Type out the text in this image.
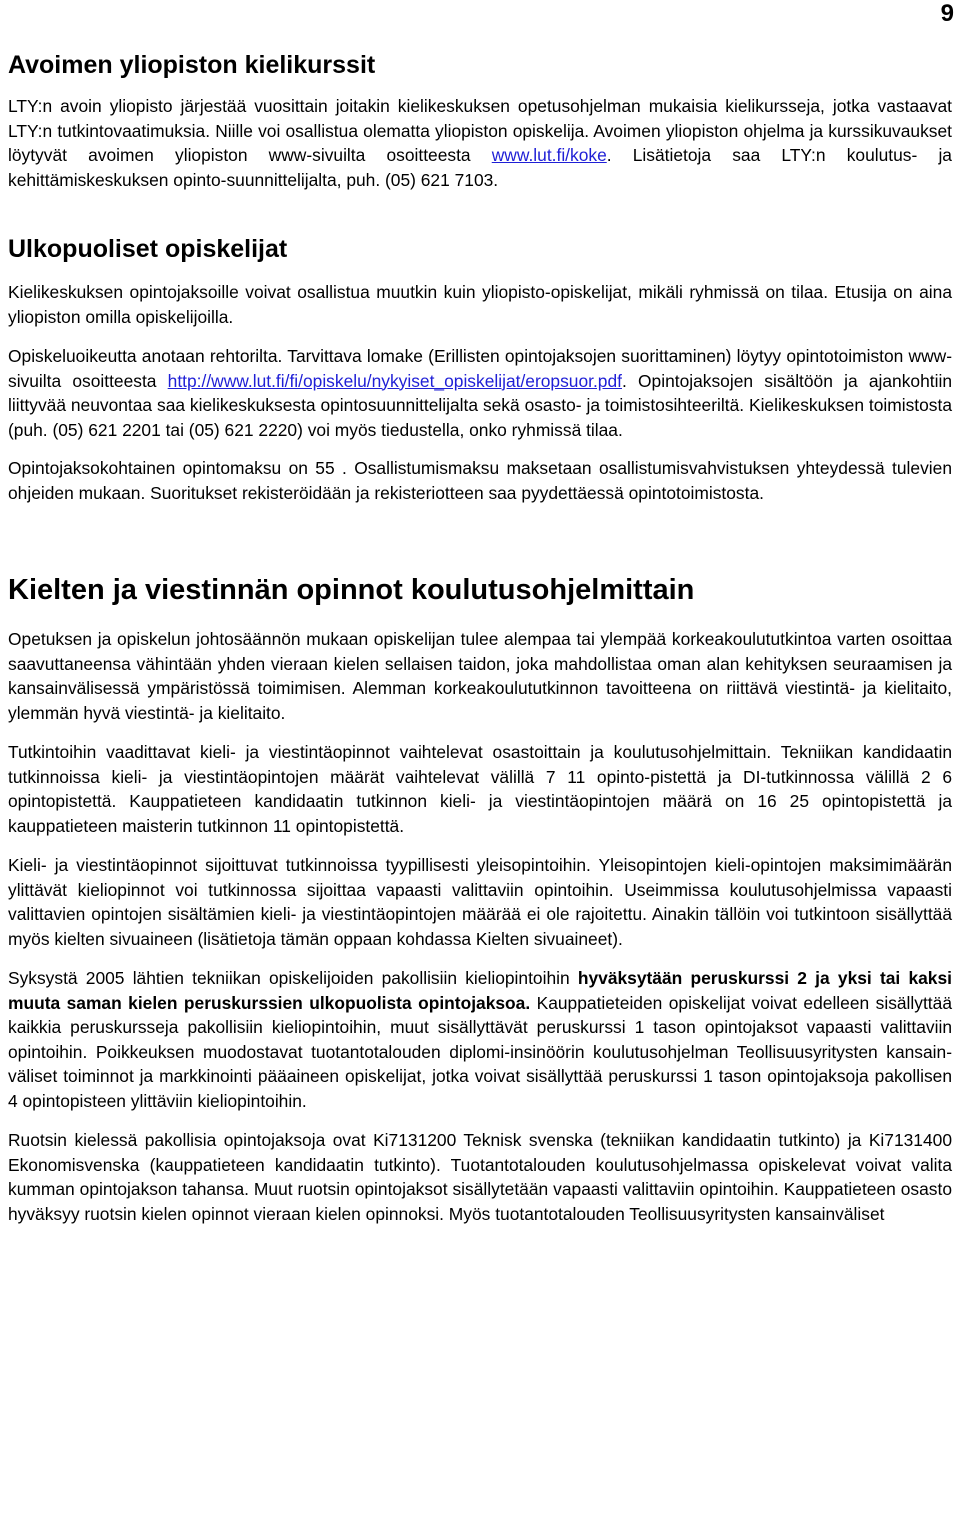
9
Avoimen yliopiston kielikurssit

LTY:n avoin yliopisto järjestää vuosittain joitakin kielikeskuksen opetusohjelman mukaisia kielikursseja, jotka vastaavat LTY:n tutkintovaatimuksia. Niille voi osallistua olematta yliopiston opiskelija. Avoimen yliopiston ohjelma ja kurssikuvaukset löytyvät avoimen yliopiston www-sivuilta osoitteesta www.lut.fi/koke. Lisätietoja saa LTY:n koulutus- ja kehittämiskeskuksen opinto-suunnittelijalta, puh. (05) 621 7103.

Ulkopuoliset opiskelijat

Kielikeskuksen opintojaksoille voivat osallistua muutkin kuin yliopisto-opiskelijat, mikäli ryhmissä on tilaa. Etusija on aina yliopiston omilla opiskelijoilla.

Opiskeluoikeutta anotaan rehtorilta. Tarvittava lomake (Erillisten opintojaksojen suorittaminen) löytyy opintotoimiston www-sivuilta osoitteesta http://www.lut.fi/fi/opiskelu/nykyiset_opiskelijat/eropsuor.pdf. Opintojaksojen sisältöön ja ajankohtiin liittyvää neuvontaa saa kielikeskuksesta opintosuunnittelijalta sekä osasto- ja toimistosihteeriltä. Kielikeskuksen toimistosta (puh. (05) 621 2201 tai (05) 621 2220) voi myös tiedustella, onko ryhmissä tilaa.

Opintojaksokohtainen opintomaksu on 55 . Osallistumismaksu maksetaan osallistumisvahvistuksen yhteydessä tulevien ohjeiden mukaan. Suoritukset rekisteröidään ja rekisteriotteen saa pyydettäessä opintotoimistosta.

Kielten ja viestinnän opinnot koulutusohjelmittain

Opetuksen ja opiskelun johtosäännön mukaan opiskelijan tulee alempaa tai ylempää korkeakoulututkintoa varten osoittaa saavuttaneensa vähintään yhden vieraan kielen sellaisen taidon, joka mahdollistaa oman alan kehityksen seuraamisen ja kansainvälisessä ympäristössä toimimisen. Alemman korkeakoulututkinnon tavoitteena on riittävä viestintä- ja kielitaito, ylemmän hyvä viestintä- ja kielitaito.

Tutkintoihin vaadittavat kieli- ja viestintäopinnot vaihtelevat osastoittain ja koulutusohjelmittain. Tekniikan kandidaatin tutkinnoissa kieli- ja viestintäopintojen määrät vaihtelevat välillä 7 11 opinto-pistettä ja DI-tutkinnossa välillä 2 6 opintopistettä. Kauppatieteen kandidaatin tutkinnon kieli- ja viestintäopintojen määrä on 16 25 opintopistettä ja kauppatieteen maisterin tutkinnon 11 opintopistettä.

Kieli- ja viestintäopinnot sijoittuvat tutkinnoissa tyypillisesti yleisopintoihin. Yleisopintojen kieli-opintojen maksimimäärän ylittävät kieliopinnot voi tutkinnossa sijoittaa vapaasti valittaviin opintoihin. Useimmissa koulutusohjelmissa vapaasti valittavien opintojen sisältämien kieli- ja viestintäopintojen määrää ei ole rajoitettu. Ainakin tällöin voi tutkintoon sisällyttää myös kielten sivuaineen (lisätietoja tämän oppaan kohdassa Kielten sivuaineet).

Syksystä 2005 lähtien tekniikan opiskelijoiden pakollisiin kieliopintoihin hyväksytään peruskurssi 2 ja yksi tai kaksi muuta saman kielen peruskurssien ulkopuolista opintojaksoa. Kauppatieteiden opiskelijat voivat edelleen sisällyttää kaikkia peruskursseja pakollisiin kieliopintoihin, muut sisällyttävät peruskurssi 1 tason opintojaksot vapaasti valittaviin opintoihin. Poikkeuksen muodostavat tuotantotalouden diplomi-insinöörin koulutusohjelman Teollisuusyritysten kansain-väliset toiminnot ja markkinointi pääaineen opiskelijat, jotka voivat sisällyttää peruskurssi 1 tason opintojaksoja pakollisen 4 opintopisteen ylittäviin kieliopintoihin.

Ruotsin kielessä pakollisia opintojaksoja ovat Ki7131200 Teknisk svenska (tekniikan kandidaatin tutkinto) ja Ki7131400 Ekonomisvenska (kauppatieteen kandidaatin tutkinto). Tuotantotalouden koulutusohjelmassa opiskelevat voivat valita kumman opintojakson tahansa. Muut ruotsin opintojaksot sisällytetään vapaasti valittaviin opintoihin. Kauppatieteen osasto hyväksyy ruotsin kielen opinnot vieraan kielen opinnoksi. Myös tuotantotalouden Teollisuusyritysten kansainväliset
